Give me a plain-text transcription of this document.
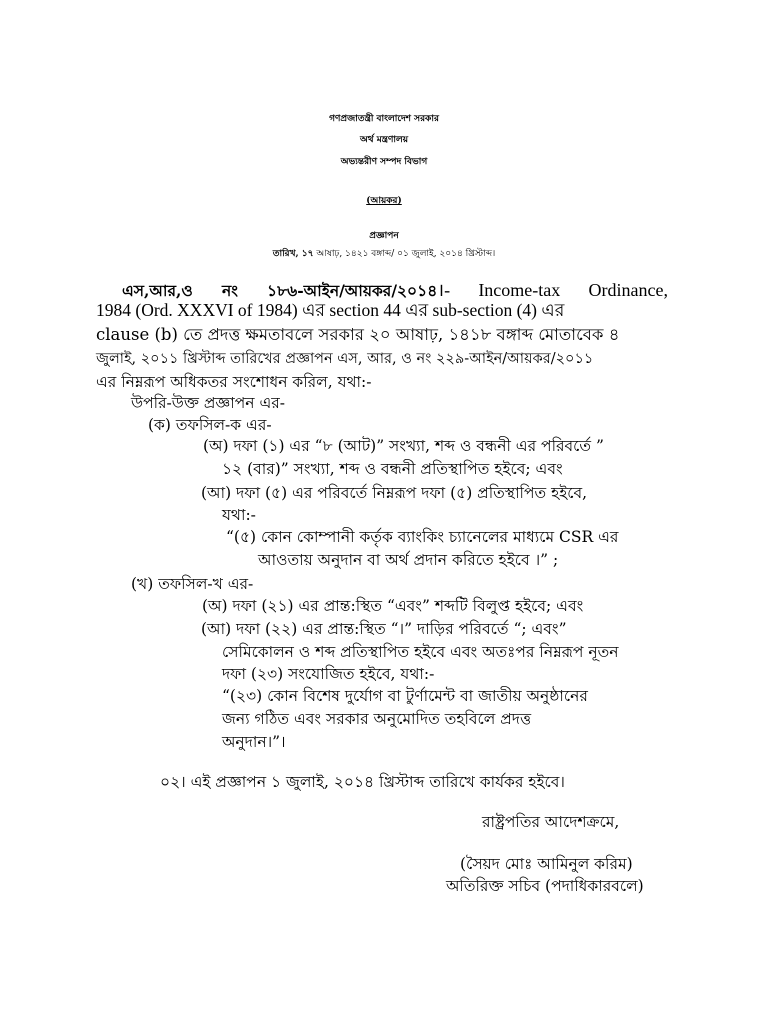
গণপ্রজাতন্ত্রী বাংলাদেশ সরকার
অর্থ মন্ত্রণালয়
অভ্যন্তরীণ সম্পদ বিভাগ
(আয়কর)
প্রজ্ঞাপন
তারিখ, ১৭ আষাঢ়, ১৪২১ বঙ্গাব্দ/ ০১ জুলাই, ২০১৪ খ্রিস্টাব্দ।
এস,আর,ও নং ১৮৬-আইন/আয়কর/২০১৪।- Income-tax Ordinance,
1984 (Ord. XXXVI of 1984) এর section 44 এর sub-section (4) এর
clause (b) তে প্রদত্ত ক্ষমতাবলে সরকার ২০ আষাঢ়, ১৪১৮ বঙ্গাব্দ মোতাবেক ৪
জুলাই, ২০১১ খ্রিস্টাব্দ তারিখের প্রজ্ঞাপন এস, আর, ও নং ২২৯-আইন/আয়কর/২০১১
এর নিম্নরূপ অধিকতর সংশোধন করিল, যথা:-
উপরি-উক্ত প্রজ্ঞাপন এর-
(ক) তফসিল-ক এর-
(অ) দফা (১) এর “৮ (আট)” সংখ্যা, শব্দ ও বন্ধনী এর পরিবর্তে ”
১২ (বার)” সংখ্যা, শব্দ ও বন্ধনী প্রতিস্থাপিত হইবে; এবং
(আ) দফা (৫) এর পরিবর্তে নিম্নরূপ দফা (৫) প্রতিস্থাপিত হইবে,
যথা:-
“(৫) কোন কোম্পানী কর্তৃক ব্যাংকিং চ্যানেলের মাধ্যমে CSR এর
আওতায় অনুদান বা অর্থ প্রদান করিতে হইবে ।” ;
(খ) তফসিল-খ এর-
(অ) দফা (২১) এর প্রান্ত:স্থিত “এবং” শব্দটি বিলুপ্ত হইবে; এবং
(আ) দফা (২২) এর প্রান্ত:স্থিত “।” দাড়ির পরিবর্তে “; এবং”
সেমিকোলন ও শব্দ প্রতিস্থাপিত হইবে এবং অতঃপর নিম্নরূপ নূতন
দফা (২৩) সংযোজিত হইবে, যথা:-
“(২৩) কোন বিশেষ দুর্যোগ বা টুর্ণামেন্ট বা জাতীয় অনুষ্ঠানের
জন্য গঠিত এবং সরকার অনুমোদিত তহবিলে প্রদত্ত
অনুদান।”।
০২। এই প্রজ্ঞাপন ১ জুলাই, ২০১৪ খ্রিস্টাব্দ তারিখে কার্যকর হইবে।
রাষ্ট্রপতির আদেশক্রমে,
(সৈয়দ মোঃ আমিনুল করিম)
অতিরিক্ত সচিব (পদাধিকারবলে)
